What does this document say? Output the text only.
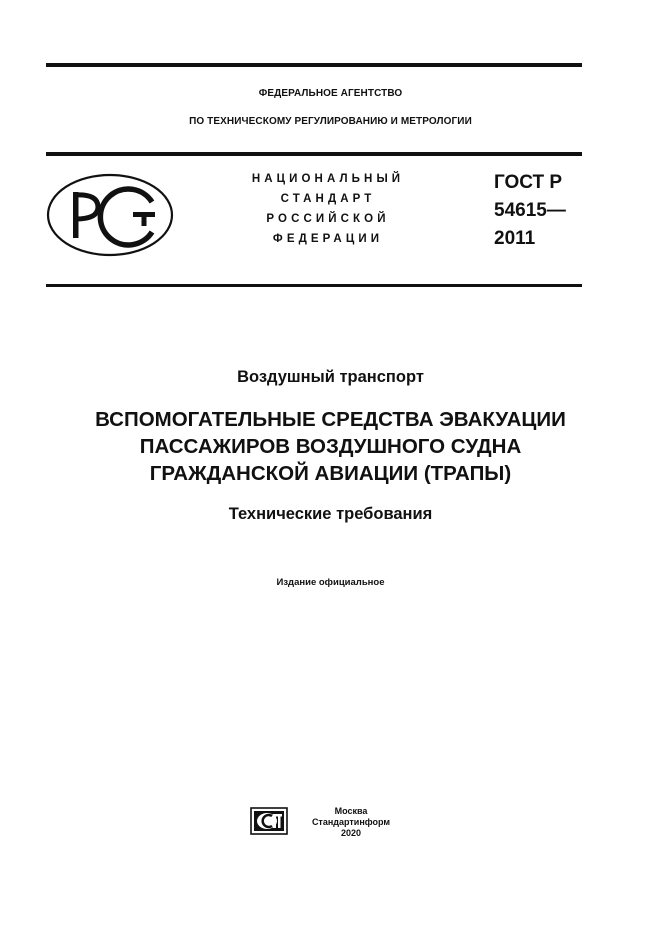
ФЕДЕРАЛЬНОЕ АГЕНТСТВО
ПО ТЕХНИЧЕСКОМУ РЕГУЛИРОВАНИЮ И МЕТРОЛОГИИ
НАЦИОНАЛЬНЫЙ
СТАНДАРТ
РОССИЙСКОЙ
ФЕДЕРАЦИИ
ГОСТ Р
54615—
2011
Воздушный транспорт
ВСПОМОГАТЕЛЬНЫЕ СРЕДСТВА ЭВАКУАЦИИ
ПАССАЖИРОВ ВОЗДУШНОГО СУДНА
ГРАЖДАНСКОЙ АВИАЦИИ (ТРАПЫ)
Технические требования
Издание официальное
Москва
Стандартинформ
2020
